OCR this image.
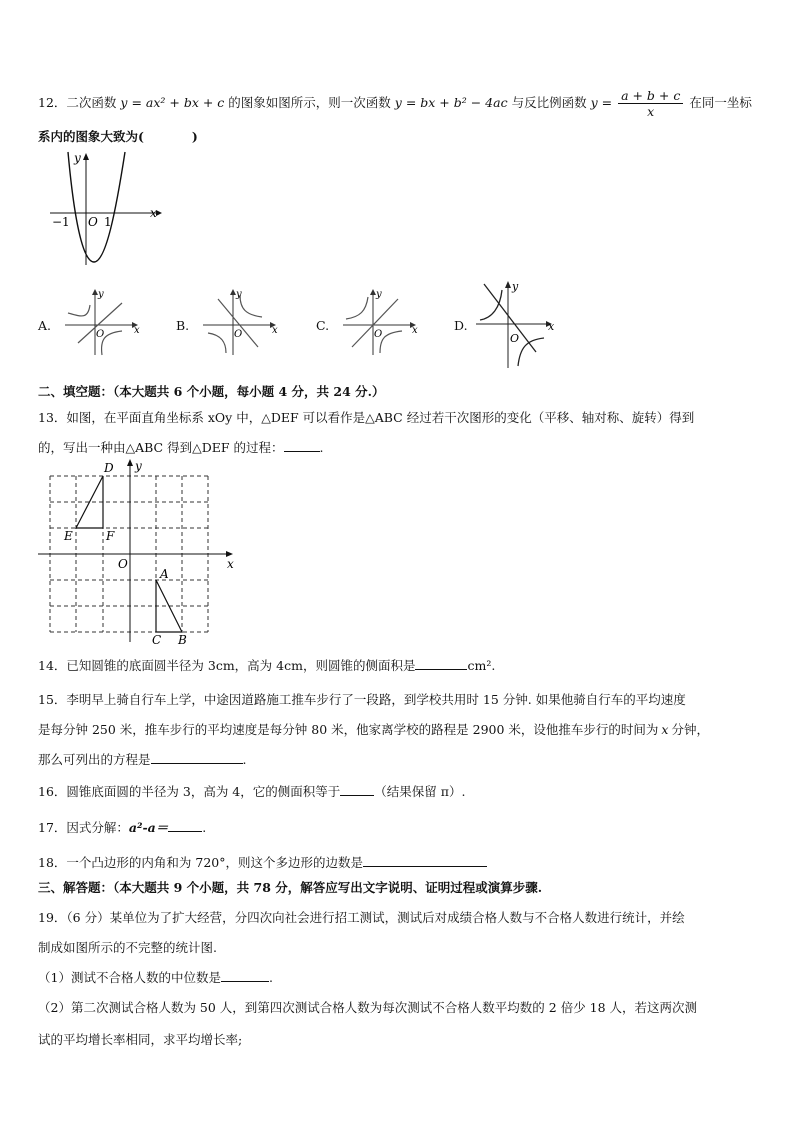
12．二次函数 y = ax² + bx + c 的图象如图所示，则一次函数 y = bx + b² − 4ac 与反比例函数 $y = \frac{a + b + c}{x}$ 在同一坐标
系内的图象大致为(	)
x
y
−1 O 1
A.	x
y
O
B.	x
y
O
C.	x
y
O
D.	x
y
O
二、填空题：（本大题共 6 个小题，每小题 4 分，共 24 分.）
13．如图，在平面直角坐标系 xOy 中，△DEF 可以看作是△ABC 经过若干次图形的变化（平移、轴对称、旋转）得到
的，写出一种由△ABC 得到△DEF 的过程：	.
D
E	F
A
C B
O	x
y
14．已知圆锥的底面圆半径为 3cm，高为 4cm，则圆锥的侧面积是	cm².
15．李明早上骑自行车上学，中途因道路施工推车步行了一段路，到学校共用时 15 分钟. 如果他骑自行车的平均速度
是每分钟 250 米，推车步行的平均速度是每分钟 80 米，他家离学校的路程是 2900 米，设他推车步行的时间为 x 分钟，
那么可列出的方程是	.
16．圆锥底面圆的半径为 3，高为 4，它的侧面积等于	（结果保留 π）.
17．因式分解：a²-a＝	.
18．一个凸边形的内角和为 720°，则这个多边形的边数是
三、解答题：（本大题共 9 个小题，共 78 分，解答应写出文字说明、证明过程或演算步骤.
19．（6 分）某单位为了扩大经营，分四次向社会进行招工测试，测试后对成绩合格人数与不合格人数进行统计，并绘
制成如图所示的不完整的统计图.
（1）测试不合格人数的中位数是	.
（2）第二次测试合格人数为 50 人，到第四次测试合格人数为每次测试不合格人数平均数的 2 倍少 18 人，若这两次测
试的平均增长率相同，求平均增长率;
